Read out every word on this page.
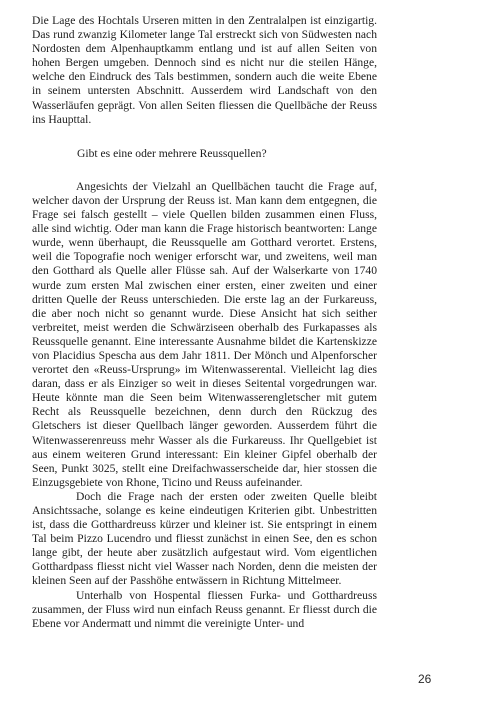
Die Lage des Hochtals Urseren mitten in den Zentralalpen ist einzigartig. Das rund zwanzig Kilometer lange Tal erstreckt sich von Südwesten nach Nordosten dem Alpenhauptkamm entlang und ist auf allen Seiten von hohen Bergen umgeben. Dennoch sind es nicht nur die steilen Hänge, welche den Eindruck des Tals bestimmen, sondern auch die weite Ebene in seinem untersten Abschnitt. Ausserdem wird Landschaft von den Wasserläufen geprägt. Von allen Seiten fliessen die Quellbäche der Reuss ins Haupttal.

Gibt es eine oder mehrere Reussquellen?

Angesichts der Vielzahl an Quellbächen taucht die Frage auf, welcher davon der Ursprung der Reuss ist. Man kann dem entgegnen, die Frage sei falsch gestellt – viele Quellen bilden zusammen einen Fluss, alle sind wichtig. Oder man kann die Frage historisch beantworten: Lange wurde, wenn überhaupt, die Reussquelle am Gotthard verortet. Erstens, weil die Topografie noch weniger erforscht war, und zweitens, weil man den Gotthard als Quelle aller Flüsse sah. Auf der Walserkarte von 1740 wurde zum ersten Mal zwischen einer ersten, einer zweiten und einer dritten Quelle der Reuss unterschieden. Die erste lag an der Furkareuss, die aber noch nicht so genannt wurde. Diese Ansicht hat sich seither verbreitet, meist werden die Schwärziseen oberhalb des Furkapasses als Reussquelle genannt. Eine interessante Ausnahme bildet die Kartenskizze von Placidius Spescha aus dem Jahr 1811. Der Mönch und Alpenforscher verortet den «Reuss-Ursprung» im Witenwasserental. Vielleicht lag dies daran, dass er als Einziger so weit in dieses Seitental vorgedrungen war. Heute könnte man die Seen beim Witenwasserengletscher mit gutem Recht als Reussquelle bezeichnen, denn durch den Rückzug des Gletschers ist dieser Quellbach länger geworden. Ausserdem führt die Witenwasserenreuss mehr Wasser als die Furkareuss. Ihr Quellgebiet ist aus einem weiteren Grund interessant: Ein kleiner Gipfel oberhalb der Seen, Punkt 3025, stellt eine Dreifachwasserscheide dar, hier stossen die Einzugsgebiete von Rhone, Ticino und Reuss aufeinander.

Doch die Frage nach der ersten oder zweiten Quelle bleibt Ansichtssache, solange es keine eindeutigen Kriterien gibt. Unbestritten ist, dass die Gotthardreuss kürzer und kleiner ist. Sie entspringt in einem Tal beim Pizzo Lucendro und fliesst zunächst in einen See, den es schon lange gibt, der heute aber zusätzlich aufgestaut wird. Vom eigentlichen Gotthardpass fliesst nicht viel Wasser nach Norden, denn die meisten der kleinen Seen auf der Passhöhe entwässern in Richtung Mittelmeer.

Unterhalb von Hospental fliessen Furka- und Gotthardreuss zusammen, der Fluss wird nun einfach Reuss genannt. Er fliesst durch die Ebene vor Andermatt und nimmt die vereinigte Unter- und

26
